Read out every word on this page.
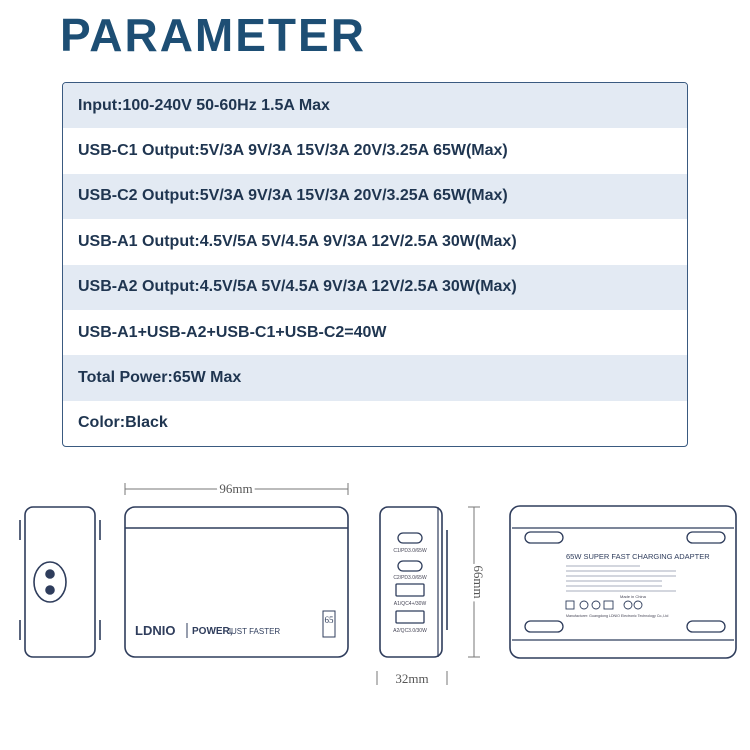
PARAMETER
Input:100-240V 50-60Hz 1.5A Max
USB-C1 Output:5V/3A 9V/3A 15V/3A 20V/3.25A 65W(Max)
USB-C2 Output:5V/3A 9V/3A 15V/3A 20V/3.25A 65W(Max)
USB-A1 Output:4.5V/5A 5V/4.5A 9V/3A 12V/2.5A 30W(Max)
USB-A2 Output:4.5V/5A 5V/4.5A 9V/3A 12V/2.5A 30W(Max)
USB-A1+USB-A2+USB-C1+USB-C2=40W
Total Power:65W Max
Color:Black
96mm
LDNIO POWER,
JUST FASTER
65
C1/PD3.0/65W
C2/PD3.0/65W
A1/QC4+/30W
A2/QC3.0/30W
66mm
32mm
65W SUPER FAST CHARGING ADAPTER
Made in China
Manufacturer: Guangdong LDNIO Electronic Technology Co.,Ltd
